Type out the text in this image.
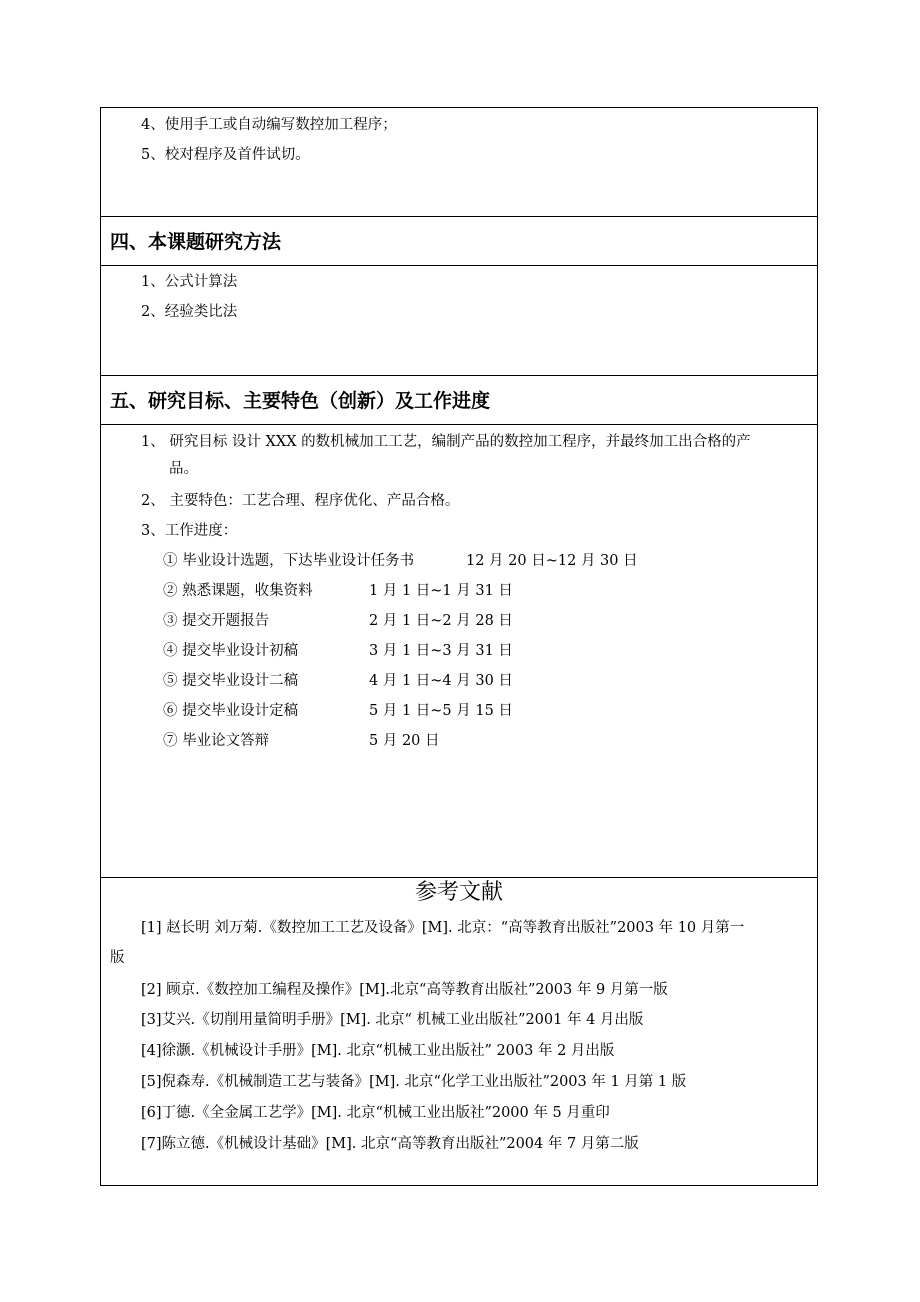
4、使用手工或自动编写数控加工程序；
5、校对程序及首件试切。
四、本课题研究方法
1、公式计算法
2、经验类比法
五、研究目标、主要特色（创新）及工作进度
1、 研究目标 设计 XXX 的数机械加工工艺，编制产品的数控加工程序，并最终加工出合格的产
品。
2、 主要特色：工艺合理、程序优化、产品合格。
3、工作进度：
① 毕业设计选题，下达毕业设计任务书	12 月 20 日~12 月 30 日
② 熟悉课题，收集资料	1 月 1 日~1 月 31 日
③ 提交开题报告	2 月 1 日~2 月 28 日
④ 提交毕业设计初稿	3 月 1 日~3 月 31 日
⑤ 提交毕业设计二稿	4 月 1 日~4 月 30 日
⑥ 提交毕业设计定稿	5 月 1 日~5 月 15 日
⑦ 毕业论文答辩	5 月 20 日
参考文献
[1] 赵长明 刘万菊.《数控加工工艺及设备》[M]. 北京：“高等教育出版社”2003 年 10 月第一
版
[2] 顾京.《数控加工编程及操作》[M].北京“高等教育出版社”2003 年 9 月第一版
[3]艾兴.《切削用量简明手册》[M]. 北京“ 机械工业出版社”2001 年 4 月出版
[4]徐灏.《机械设计手册》[M]. 北京“机械工业出版社” 2003 年 2 月出版
[5]倪森寿.《机械制造工艺与装备》[M]. 北京“化学工业出版社”2003 年 1 月第 1 版
[6]丁德.《全金属工艺学》[M]. 北京“机械工业出版社”2000 年 5 月重印
[7]陈立德.《机械设计基础》[M]. 北京“高等教育出版社”2004 年 7 月第二版
